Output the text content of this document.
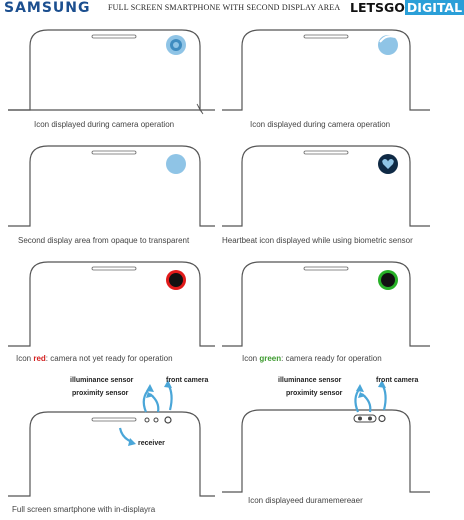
SAMSUNG FULL SCREEN SMARTPHONE WITH SECOND DISPLAY AREA LETSGO DIGITAL
Icon displayed during camera operation	Icon displayed during camera operation
Second display area from opaque to transparent	Heartbeat icon displayed while using biometric sensor
Icon red: camera not yet ready for operation	Icon green: camera ready for operation
illuminance sensor
proximity sensor
front camera
receiver
Full screen smartphone with in-displayra
illuminance sensor
proximity sensor
front camera
Icon displayeed duramemereaer
